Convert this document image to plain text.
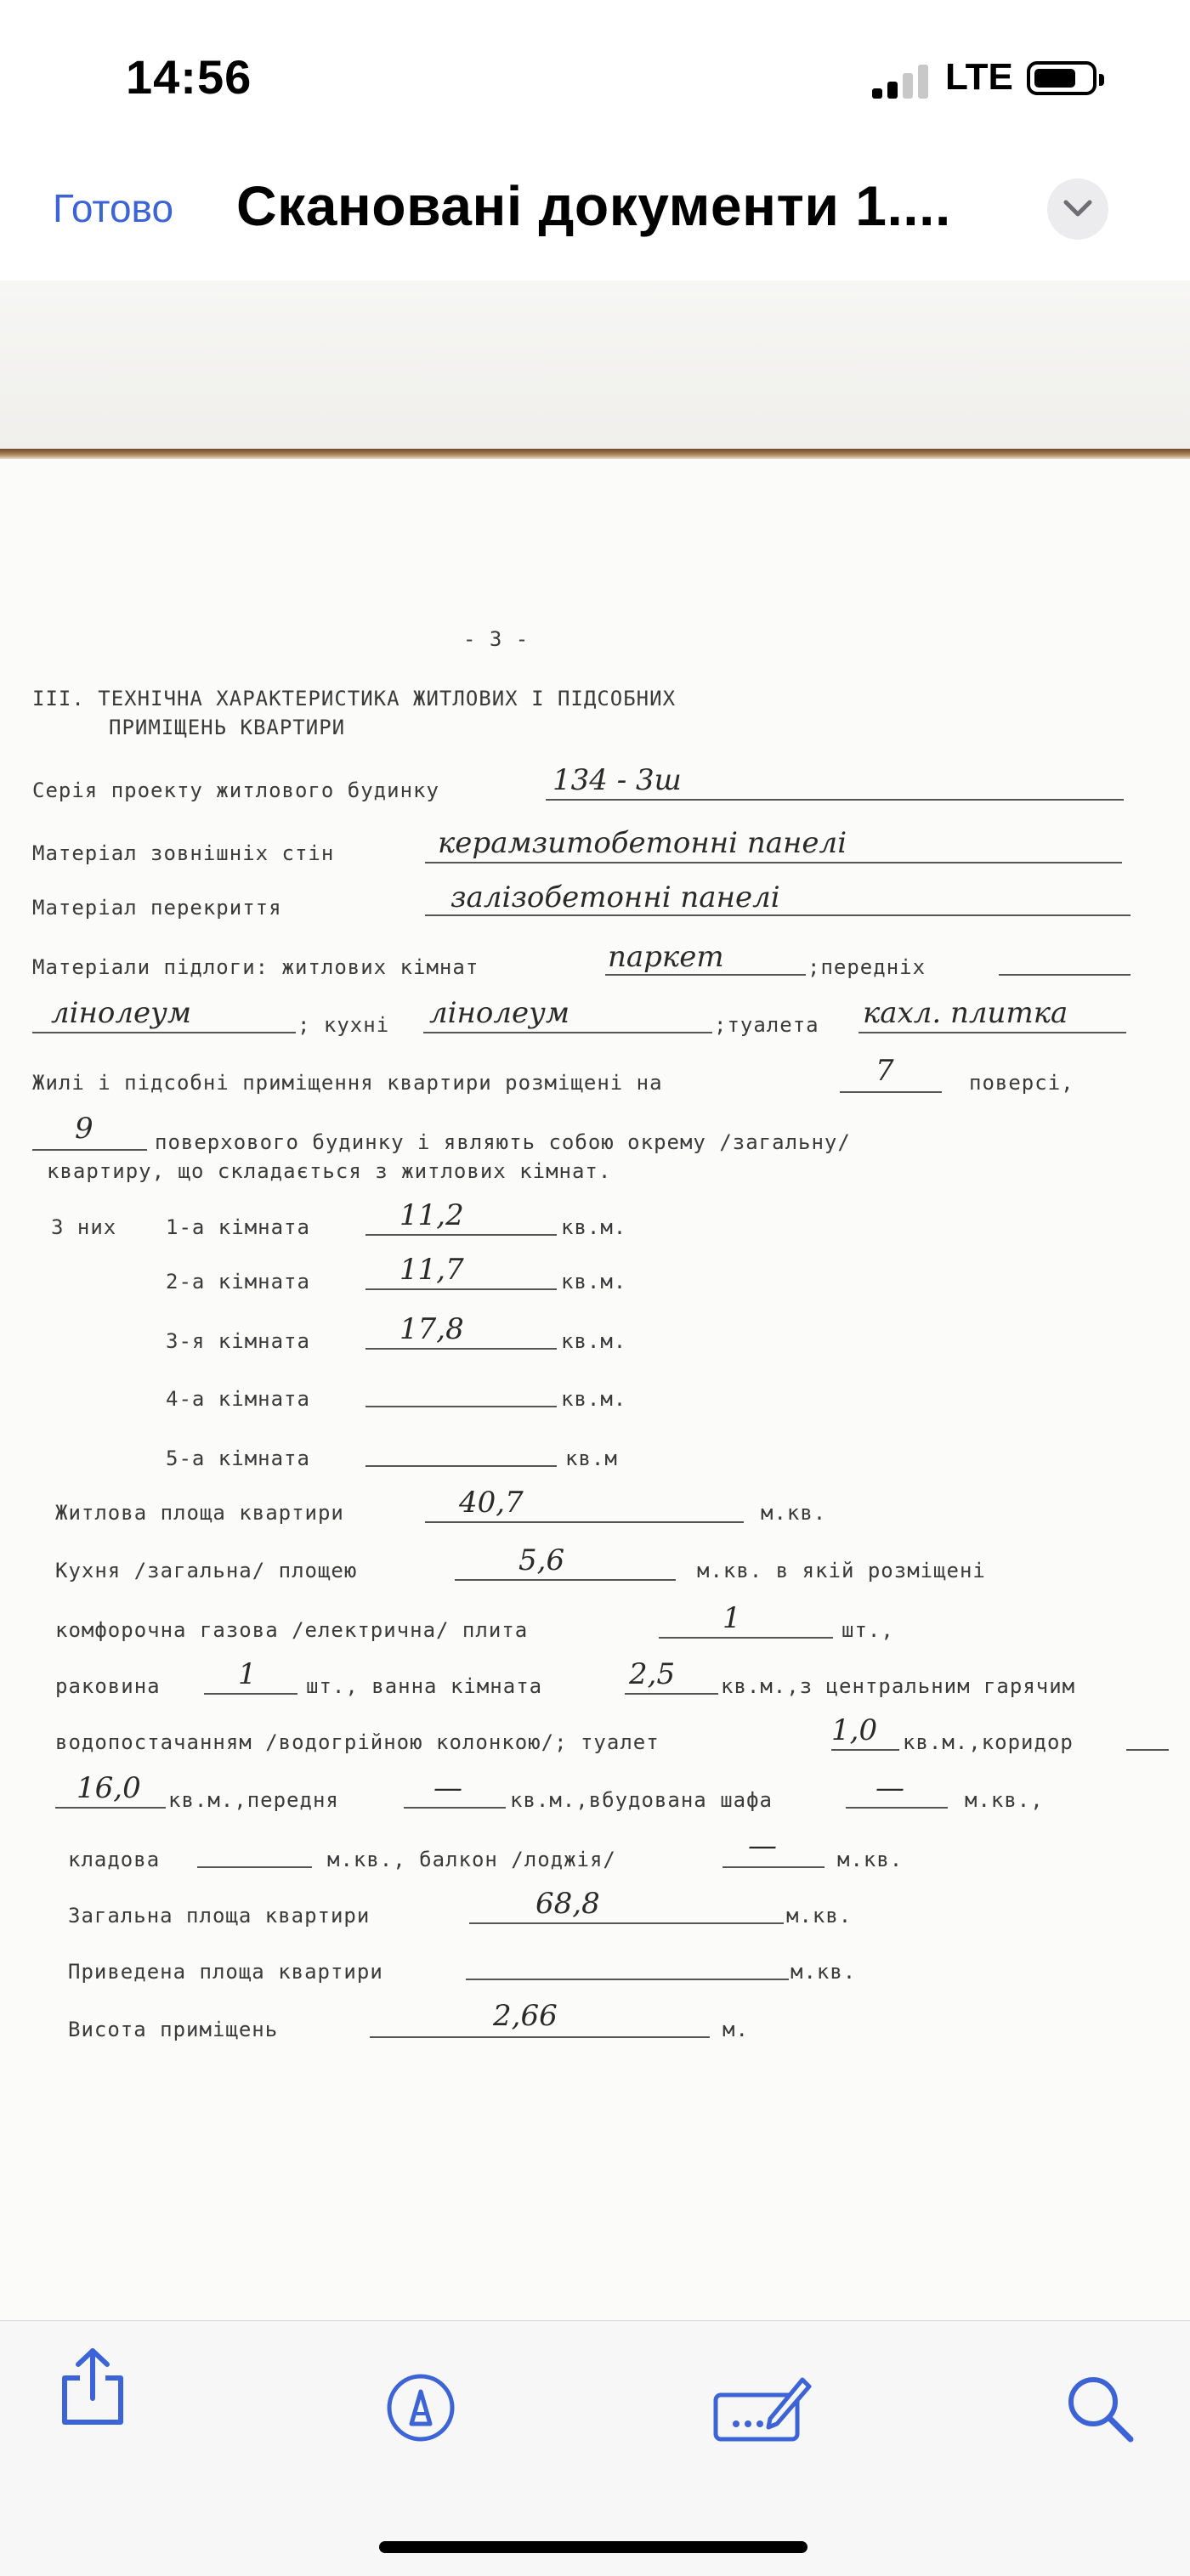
14:56	LTE
Готово Скановані документи 1....
- 3 -
III. ТЕХНІЧНА ХАРАКТЕРИСТИКА ЖИТЛОВИХ І ПІДСОБНИХ
ПРИМІЩЕНЬ КВАРТИРИ
Серія проекту житлового будинку	134 - 3ш
Матеріал зовнішніх стін	керамзитобетонні панелі
Матеріал перекриття	залізобетонні панелі
Матеріали підлоги: житлових кімнат	паркет	;передніх
лінолеум	; кухні лінолеум	;туалета кахл. плитка
Жилі і підсобні приміщення квартири розміщені на	7	поверсі,
9	поверхового будинку і являють собою окрему /загальну/
квартиру, що складається з житлових кімнат.
З них 1-а кімната	11,2	кв.м.
2-а кімната	11,7	кв.м.
3-я кімната	17,8	кв.м.
4-а кімната	кв.м.
5-а кімната	кв.м
Житлова площа квартири	40,7	м.кв.
Кухня /загальна/ площею	5,6	м.кв. в якій розміщені
комфорочна газова /електрична/ плита	1	шт.,
раковина	1 шт., ванна кімната	2,5 кв.м.,з центральним гарячим
водопостачанням /водогрійною колонкою/; туалет	1,0 кв.м.,коридор
16,0 кв.м.,передня	— кв.м.,вбудована шафа	—	м.кв.,
кладова	м.кв., балкон /лоджія/	—	м.кв.
Загальна площа квартири	68,8	м.кв.
Приведена площа квартири	м.кв.
Висота приміщень	2,66	м.
